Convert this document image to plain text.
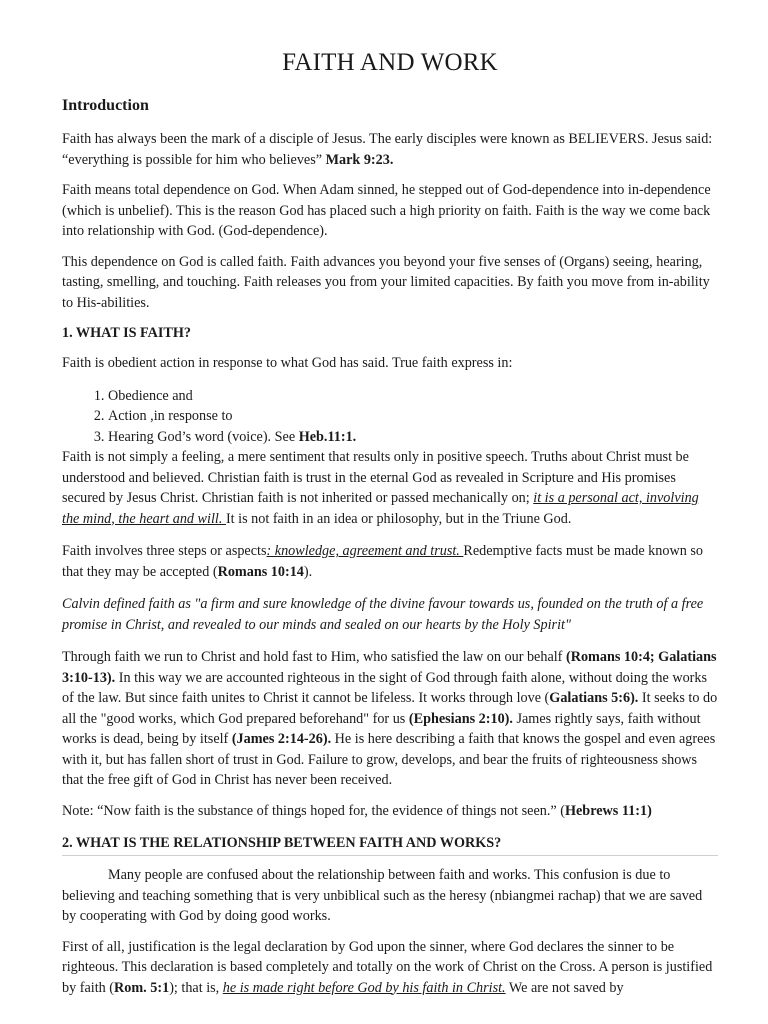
FAITH AND WORK
Introduction

Faith has always been the mark of a disciple of Jesus. The early disciples were known as BELIEVERS. Jesus said: “everything is possible for him who believes” Mark 9:23.

Faith means total dependence on God. When Adam sinned, he stepped out of God-dependence into in-dependence (which is unbelief). This is the reason God has placed such a high priority on faith. Faith is the way we come back into relationship with God. (God-dependence).

This dependence on God is called faith. Faith advances you beyond your five senses of (Organs) seeing, hearing, tasting, smelling, and touching. Faith releases you from your limited capacities. By faith you move from in-ability to His-abilities.

1. WHAT IS FAITH?

Faith is obedient action in response to what God has said. True faith express in:

1. Obedience and
2. Action ,in response to
3. Hearing God’s word (voice). See Heb.11:1.

Faith is not simply a feeling, a mere sentiment that results only in positive speech. Truths about Christ must be understood and believed. Christian faith is trust in the eternal God as revealed in Scripture and His promises secured by Jesus Christ. Christian faith is not inherited or passed mechanically on; it is a personal act, involving the mind, the heart and will. It is not faith in an idea or philosophy, but in the Triune God.

Faith involves three steps or aspects: knowledge, agreement and trust. Redemptive facts must be made known so that they may be accepted (Romans 10:14).

Calvin defined faith as "a firm and sure knowledge of the divine favour towards us, founded on the truth of a free promise in Christ, and revealed to our minds and sealed on our hearts by the Holy Spirit"

Through faith we run to Christ and hold fast to Him, who satisfied the law on our behalf (Romans 10:4; Galatians 3:10-13). In this way we are accounted righteous in the sight of God through faith alone, without doing the works of the law. But since faith unites to Christ it cannot be lifeless. It works through love (Galatians 5:6). It seeks to do all the "good works, which God prepared beforehand" for us (Ephesians 2:10). James rightly says, faith without works is dead, being by itself (James 2:14-26). He is here describing a faith that knows the gospel and even agrees with it, but has fallen short of trust in God. Failure to grow, develops, and bear the fruits of righteousness shows that the free gift of God in Christ has never been received.

Note: “Now faith is the substance of things hoped for, the evidence of things not seen.” (Hebrews 11:1)

2. WHAT IS THE RELATIONSHIP BETWEEN FAITH AND WORKS?

Many people are confused about the relationship between faith and works. This confusion is due to believing and teaching something that is very unbiblical such as the heresy (nbiangmei rachap) that we are saved by cooperating with God by doing good works.

First of all, justification is the legal declaration by God upon the sinner, where God declares the sinner to be righteous. This declaration is based completely and totally on the work of Christ on the Cross. A person is justified by faith (Rom. 5:1); that is, he is made right before God by his faith in Christ. We are not saved by
